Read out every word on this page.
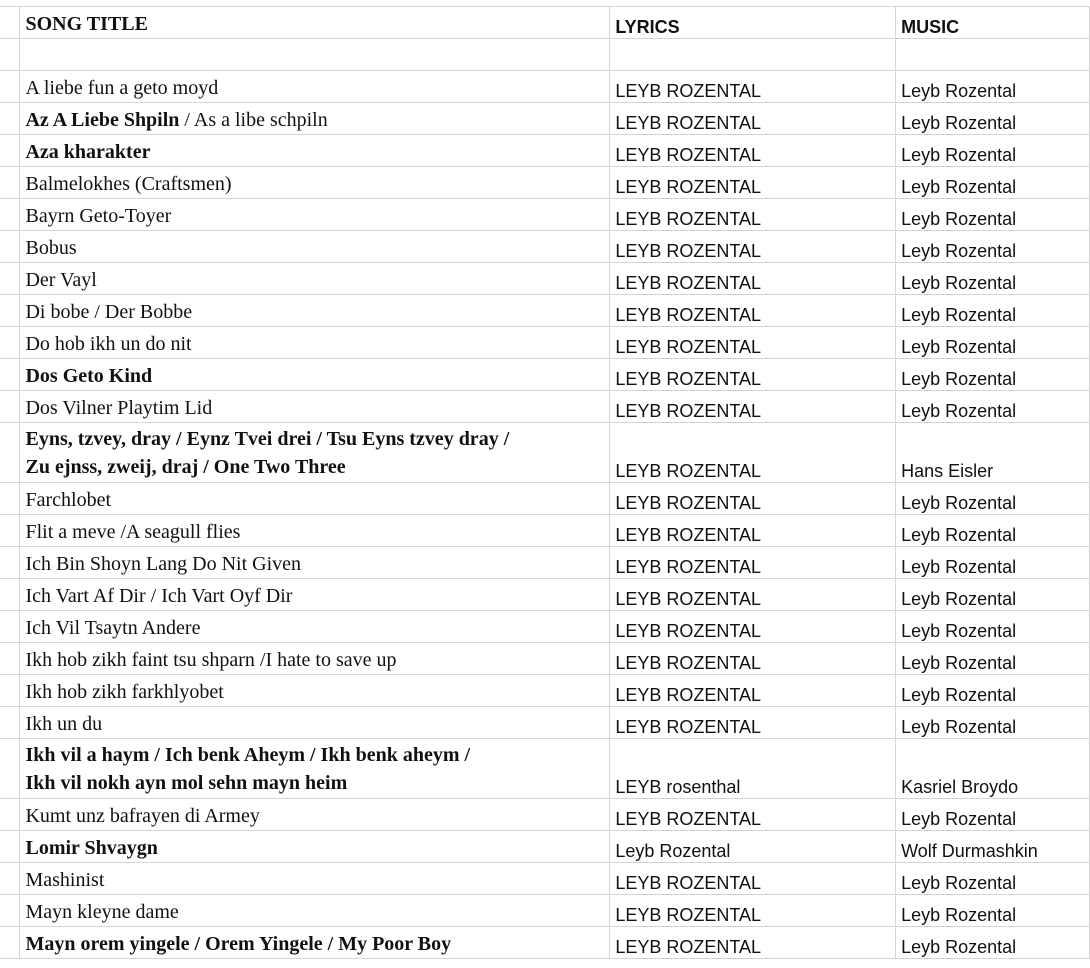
	SONG TITLE	LYRICS	MUSIC

	A liebe fun a geto moyd	LEYB ROZENTAL	Leyb Rozental
	Az A Liebe Shpiln / As a libe schpiln	LEYB ROZENTAL	Leyb Rozental
	Aza kharakter	LEYB ROZENTAL	Leyb Rozental
	Balmelokhes (Craftsmen)	LEYB ROZENTAL	Leyb Rozental
	Bayrn Geto-Toyer	LEYB ROZENTAL	Leyb Rozental
	Bobus	LEYB ROZENTAL	Leyb Rozental
	Der Vayl	LEYB ROZENTAL	Leyb Rozental
	Di bobe / Der Bobbe	LEYB ROZENTAL	Leyb Rozental
	Do hob ikh un do nit	LEYB ROZENTAL	Leyb Rozental
	Dos Geto Kind	LEYB ROZENTAL	Leyb Rozental
	Dos Vilner Playtim Lid	LEYB ROZENTAL	Leyb Rozental
	Eyns, tzvey, dray / Eynz Tvei drei / Tsu Eyns tzvey dray /
Zu ejnss, zweij, draj / One Two Three	LEYB ROZENTAL	Hans Eisler
	Farchlobet	LEYB ROZENTAL	Leyb Rozental
	Flit a meve /A seagull flies	LEYB ROZENTAL	Leyb Rozental
	Ich Bin Shoyn Lang Do Nit Given	LEYB ROZENTAL	Leyb Rozental
	Ich Vart Af Dir / Ich Vart Oyf Dir	LEYB ROZENTAL	Leyb Rozental
	Ich Vil Tsaytn Andere	LEYB ROZENTAL	Leyb Rozental
	Ikh hob zikh faint tsu shparn /I hate to save up	LEYB ROZENTAL	Leyb Rozental
	Ikh hob zikh farkhlyobet	LEYB ROZENTAL	Leyb Rozental
	Ikh un du	LEYB ROZENTAL	Leyb Rozental
	Ikh vil a haym / Ich benk Aheym / Ikh benk aheym /
Ikh vil nokh ayn mol sehn mayn heim	LEYB rosenthal	Kasriel Broydo
	Kumt unz bafrayen di Armey	LEYB ROZENTAL	Leyb Rozental
	Lomir Shvaygn	Leyb Rozental	Wolf Durmashkin
	Mashinist	LEYB ROZENTAL	Leyb Rozental
	Mayn kleyne dame	LEYB ROZENTAL	Leyb Rozental
	Mayn orem yingele / Orem Yingele / My Poor Boy	LEYB ROZENTAL	Leyb Rozental
